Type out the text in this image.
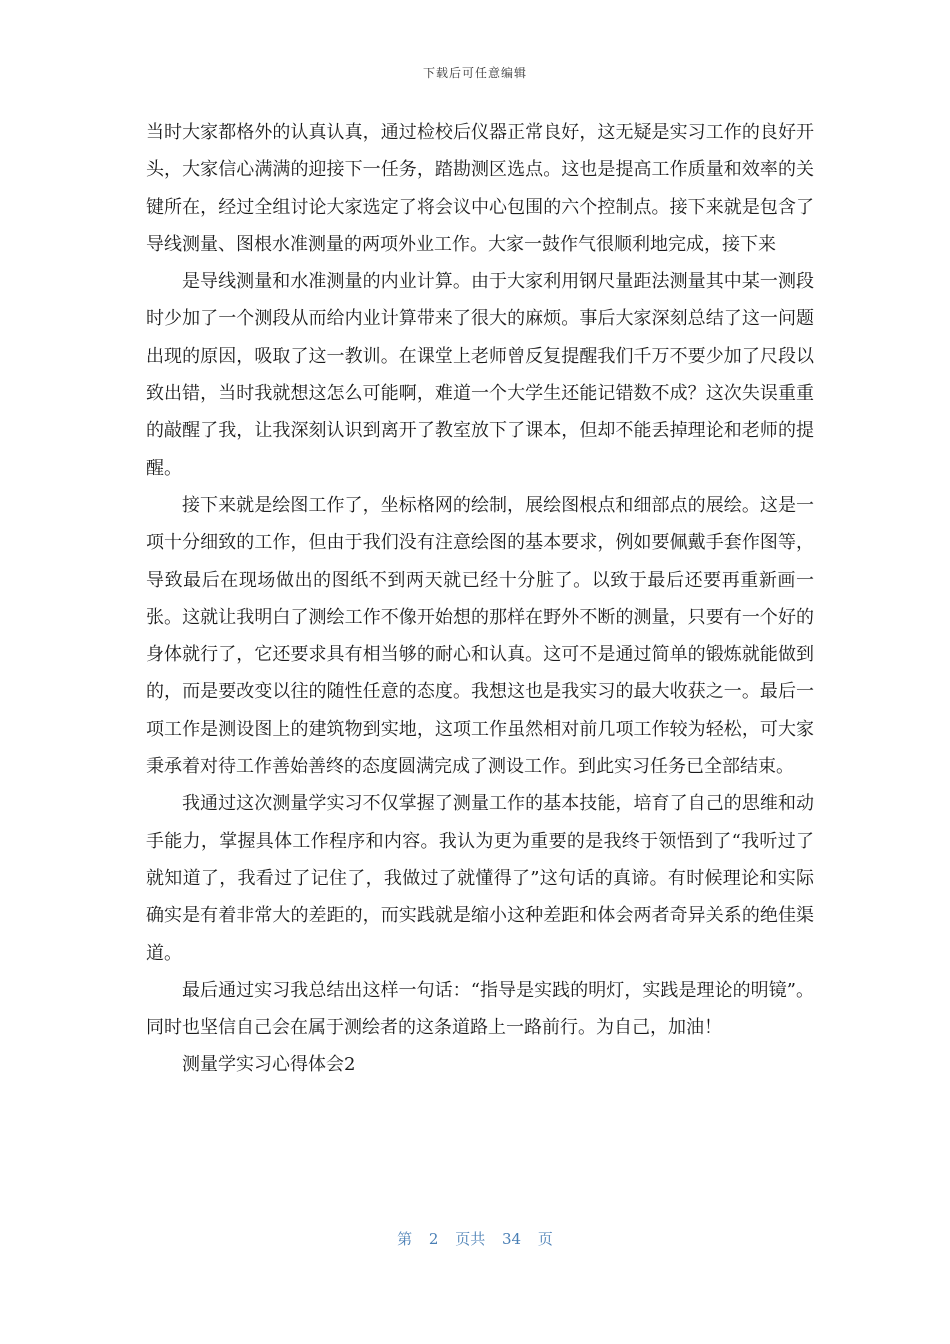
下载后可任意编辑

当时大家都格外的认真认真，通过检校后仪器正常良好，这无疑是实习工作的良好开头，大家信心满满的迎接下一任务，踏勘测区选点。这也是提高工作质量和效率的关键所在，经过全组讨论大家选定了将会议中心包围的六个控制点。接下来就是包含了导线测量、图根水准测量的两项外业工作。大家一鼓作气很顺利地完成，接下来

是导线测量和水准测量的内业计算。由于大家利用钢尺量距法测量其中某一测段时少加了一个测段从而给内业计算带来了很大的麻烦。事后大家深刻总结了这一问题出现的原因，吸取了这一教训。在课堂上老师曾反复提醒我们千万不要少加了尺段以致出错，当时我就想这怎么可能啊，难道一个大学生还能记错数不成？这次失误重重的敲醒了我，让我深刻认识到离开了教室放下了课本，但却不能丢掉理论和老师的提醒。

接下来就是绘图工作了，坐标格网的绘制，展绘图根点和细部点的展绘。这是一项十分细致的工作，但由于我们没有注意绘图的基本要求，例如要佩戴手套作图等，导致最后在现场做出的图纸不到两天就已经十分脏了。以致于最后还要再重新画一张。这就让我明白了测绘工作不像开始想的那样在野外不断的测量，只要有一个好的身体就行了，它还要求具有相当够的耐心和认真。这可不是通过简单的锻炼就能做到的，而是要改变以往的随性任意的态度。我想这也是我实习的最大收获之一。最后一项工作是测设图上的建筑物到实地，这项工作虽然相对前几项工作较为轻松，可大家秉承着对待工作善始善终的态度圆满完成了测设工作。到此实习任务已全部结束。

我通过这次测量学实习不仅掌握了测量工作的基本技能，培育了自己的思维和动手能力，掌握具体工作程序和内容。我认为更为重要的是我终于领悟到了“我听过了就知道了，我看过了记住了，我做过了就懂得了”这句话的真谛。有时候理论和实际确实是有着非常大的差距的，而实践就是缩小这种差距和体会两者奇异关系的绝佳渠道。

最后通过实习我总结出这样一句话：“指导是实践的明灯，实践是理论的明镜”。同时也坚信自己会在属于测绘者的这条道路上一路前行。为自己，加油！

测量学实习心得体会2

第 2 页共 34 页
